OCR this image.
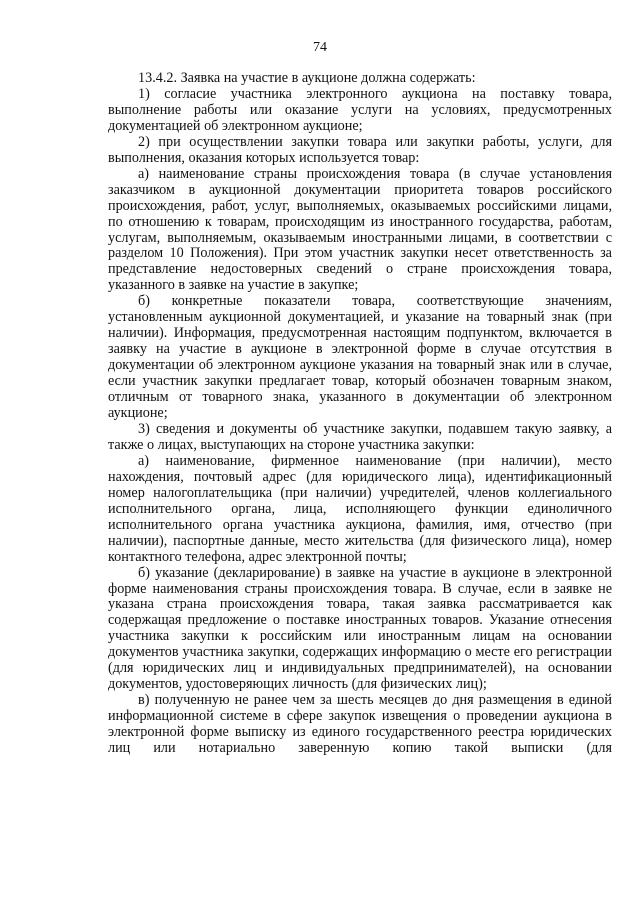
74

13.4.2. Заявка на участие в аукционе должна содержать:

1) согласие участника электронного аукциона на поставку товара, выполнение работы или оказание услуги на условиях, предусмотренных документацией об электронном аукционе;

2) при осуществлении закупки товара или закупки работы, услуги, для выполнения, оказания которых используется товар:

а) наименование страны происхождения товара (в случае установления заказчиком в аукционной документации приоритета товаров российского происхождения, работ, услуг, выполняемых, оказываемых российскими лицами, по отношению к товарам, происходящим из иностранного государства, работам, услугам, выполняемым, оказываемым иностранными лицами, в соответствии с разделом 10 Положения). При этом участник закупки несет ответственность за представление недостоверных сведений о стране происхождения товара, указанного в заявке на участие в закупке;

б) конкретные показатели товара, соответствующие значениям, установленным аукционной документацией, и указание на товарный знак (при наличии). Информация, предусмотренная настоящим подпунктом, включается в заявку на участие в аукционе в электронной форме в случае отсутствия в документации об электронном аукционе указания на товарный знак или в случае, если участник закупки предлагает товар, который обозначен товарным знаком, отличным от товарного знака, указанного в документации об электронном аукционе;

3) сведения и документы об участнике закупки, подавшем такую заявку, а также о лицах, выступающих на стороне участника закупки:

а) наименование, фирменное наименование (при наличии), место нахождения, почтовый адрес (для юридического лица), идентификационный номер налогоплательщика (при наличии) учредителей, членов коллегиального исполнительного органа, лица, исполняющего функции единоличного исполнительного органа участника аукциона, фамилия, имя, отчество (при наличии), паспортные данные, место жительства (для физического лица), номер контактного телефона, адрес электронной почты;

б) указание (декларирование) в заявке на участие в аукционе в электронной форме наименования страны происхождения товара. В случае, если в заявке не указана страна происхождения товара, такая заявка рассматривается как содержащая предложение о поставке иностранных товаров. Указание отнесения участника закупки к российским или иностранным лицам на основании документов участника закупки, содержащих информацию о месте его регистрации (для юридических лиц и индивидуальных предпринимателей), на основании документов, удостоверяющих личность (для физических лиц);

в) полученную не ранее чем за шесть месяцев до дня размещения в единой информационной системе в сфере закупок извещения о проведении аукциона в электронной форме выписку из единого государственного реестра юридических лиц или нотариально заверенную копию такой выписки (для
